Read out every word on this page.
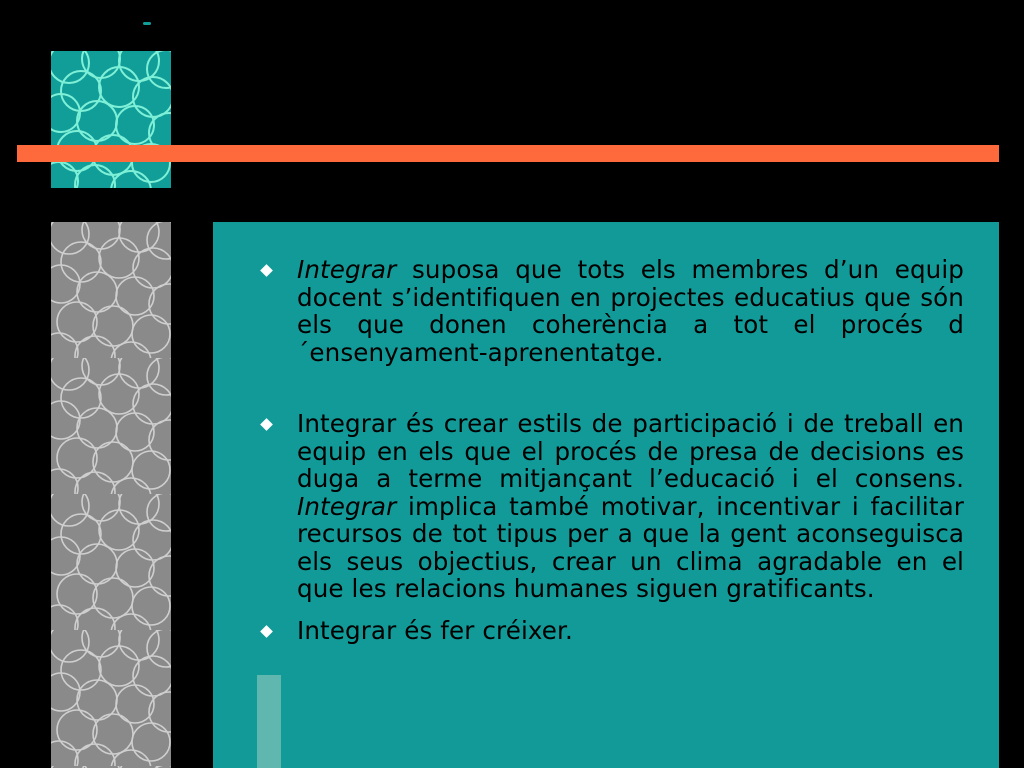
Integrar suposa que tots els membres d’un equip docent s’identifiquen en projectes educatius que són els que donen coherència a tot el procés d´ensenyament-aprenentatge.
Integrar és crear estils de participació i de treball en equip en els que el procés de presa de decisions es duga a terme mitjançant l’educació i el consens. Integrar implica també motivar, incentivar i facilitar recursos de tot tipus per a que la gent aconseguisca els seus objectius, crear un clima agradable en el que les relacions humanes siguen gratificants.
Integrar és fer créixer.
